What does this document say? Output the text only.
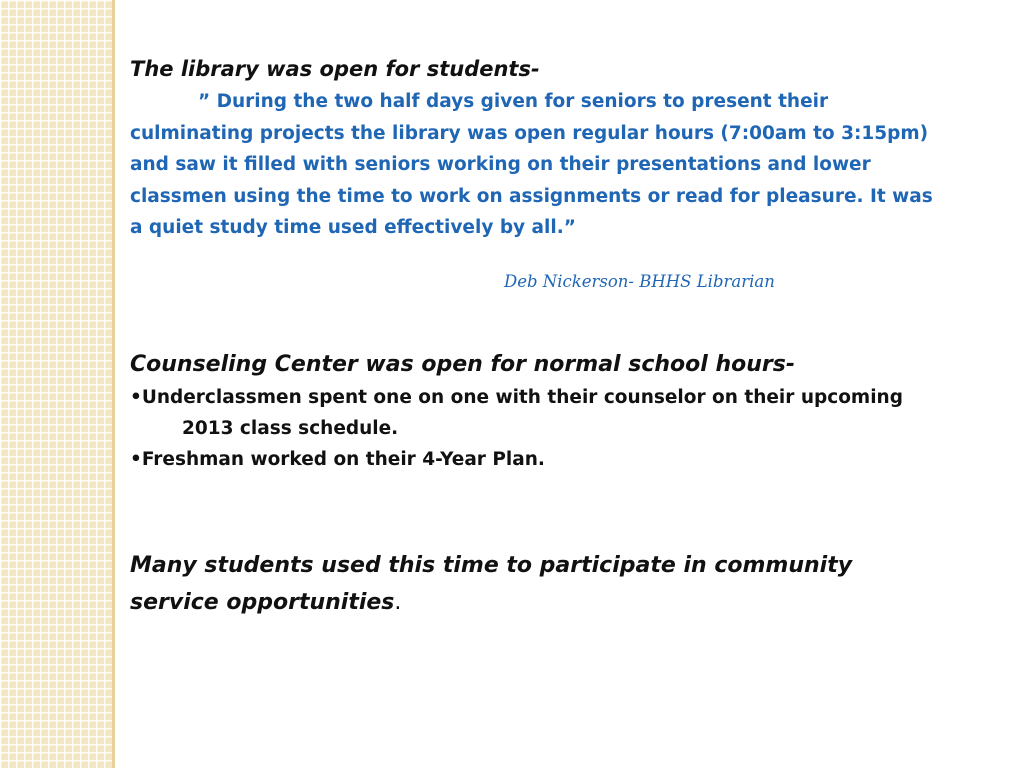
The library was open for students-

” During the two half days given for seniors to present their culminating projects the library was open regular hours (7:00am to 3:15pm) and saw it filled with seniors working on their presentations and lower classmen using the time to work on assignments or read for pleasure. It was a quiet study time used effectively by all.”

Deb Nickerson- BHHS Librarian

Counseling Center was open for normal school hours-

•Underclassmen spent one on one with their counselor on their upcoming

2013 class schedule.

•Freshman worked on their 4-Year Plan.

Many students used this time to participate in community service opportunities.
